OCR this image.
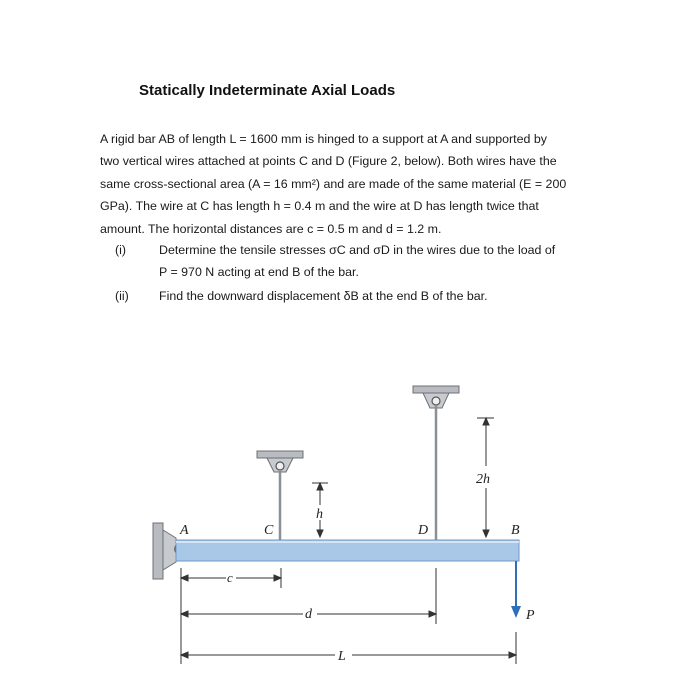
Statically Indeterminate Axial Loads
A rigid bar AB of length L = 1600 mm is hinged to a support at A and supported by
two vertical wires attached at points C and D (Figure 2, below). Both wires have the
same cross-sectional area (A = 16 mm²) and are made of the same material (E = 200
GPa). The wire at C has length h = 0.4 m and the wire at D has length twice that
amount. The horizontal distances are c = 0.5 m and d = 1.2 m.
(i)	Determine the tensile stresses σC and σD in the wires due to the load of
P = 970 N acting at end B of the bar.
(ii) Find the downward displacement δB at the end B of the bar.
h
2h
A	C	D	B
P
c
d
L
